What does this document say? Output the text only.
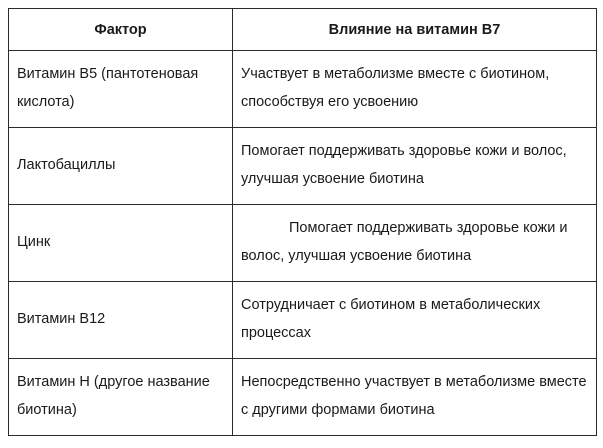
Фактор	Влияние на витамин В7
Витамин B5 (пантотеновая кислота)	Участвует в метаболизме вместе с биотином, способствуя его усвоению
Лактобациллы	Помогает поддерживать здоровье кожи и волос, улучшая усвоение биотина
Цинк	Помогает поддерживать здоровье кожи и волос, улучшая усвоение биотина
Витамин B12	Сотрудничает с биотином в метаболических процессах
Витамин H (другое название биотина)	Непосредственно участвует в метаболизме вместе с другими формами биотина
